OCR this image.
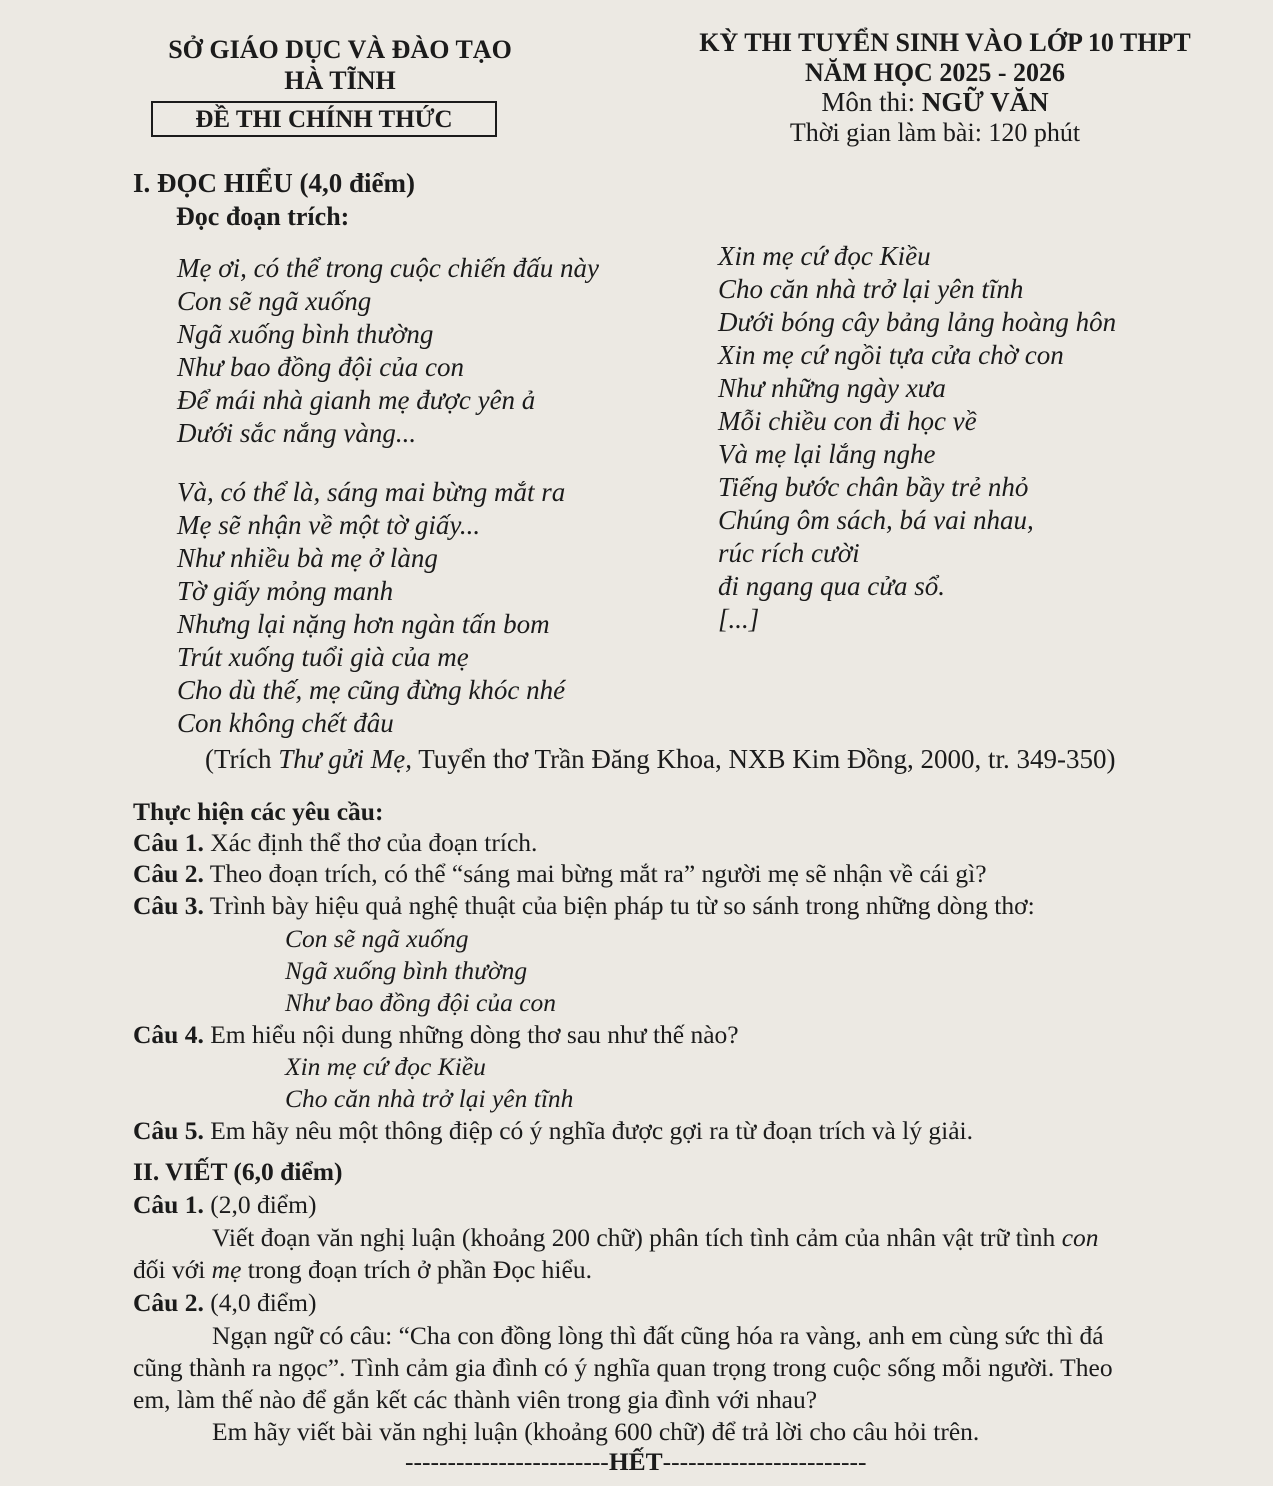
SỞ GIÁO DỤC VÀ ĐÀO TẠO
HÀ TĨNH
ĐỀ THI CHÍNH THỨC
KỲ THI TUYỂN SINH VÀO LỚP 10 THPT
NĂM HỌC 2025 - 2026
Môn thi: NGỮ VĂN
Thời gian làm bài: 120 phút
I. ĐỌC HIỂU (4,0 điểm)
Đọc đoạn trích:
Mẹ ơi, có thể trong cuộc chiến đấu này
Con sẽ ngã xuống
Ngã xuống bình thường
Như bao đồng đội của con
Để mái nhà gianh mẹ được yên ả
Dưới sắc nắng vàng...
Và, có thể là, sáng mai bừng mắt ra
Mẹ sẽ nhận về một tờ giấy...
Như nhiều bà mẹ ở làng
Tờ giấy mỏng manh
Nhưng lại nặng hơn ngàn tấn bom
Trút xuống tuổi già của mẹ
Cho dù thế, mẹ cũng đừng khóc nhé
Con không chết đâu
Xin mẹ cứ đọc Kiều
Cho căn nhà trở lại yên tĩnh
Dưới bóng cây bảng lảng hoàng hôn
Xin mẹ cứ ngồi tựa cửa chờ con
Như những ngày xưa
Mỗi chiều con đi học về
Và mẹ lại lắng nghe
Tiếng bước chân bầy trẻ nhỏ
Chúng ôm sách, bá vai nhau,
rúc rích cười
đi ngang qua cửa sổ.
[...]
(Trích Thư gửi Mẹ, Tuyển thơ Trần Đăng Khoa, NXB Kim Đồng, 2000, tr. 349-350)
Thực hiện các yêu cầu:
Câu 1. Xác định thể thơ của đoạn trích.
Câu 2. Theo đoạn trích, có thể “sáng mai bừng mắt ra” người mẹ sẽ nhận về cái gì?
Câu 3. Trình bày hiệu quả nghệ thuật của biện pháp tu từ so sánh trong những dòng thơ:
Con sẽ ngã xuống
Ngã xuống bình thường
Như bao đồng đội của con
Câu 4. Em hiểu nội dung những dòng thơ sau như thế nào?
Xin mẹ cứ đọc Kiều
Cho căn nhà trở lại yên tĩnh
Câu 5. Em hãy nêu một thông điệp có ý nghĩa được gợi ra từ đoạn trích và lý giải.
II. VIẾT (6,0 điểm)
Câu 1. (2,0 điểm)
Viết đoạn văn nghị luận (khoảng 200 chữ) phân tích tình cảm của nhân vật trữ tình con
đối với mẹ trong đoạn trích ở phần Đọc hiểu.
Câu 2. (4,0 điểm)
Ngạn ngữ có câu: “Cha con đồng lòng thì đất cũng hóa ra vàng, anh em cùng sức thì đá
cũng thành ra ngọc”. Tình cảm gia đình có ý nghĩa quan trọng trong cuộc sống mỗi người. Theo
em, làm thế nào để gắn kết các thành viên trong gia đình với nhau?
Em hãy viết bài văn nghị luận (khoảng 600 chữ) để trả lời cho câu hỏi trên.
------------------------HẾT------------------------
